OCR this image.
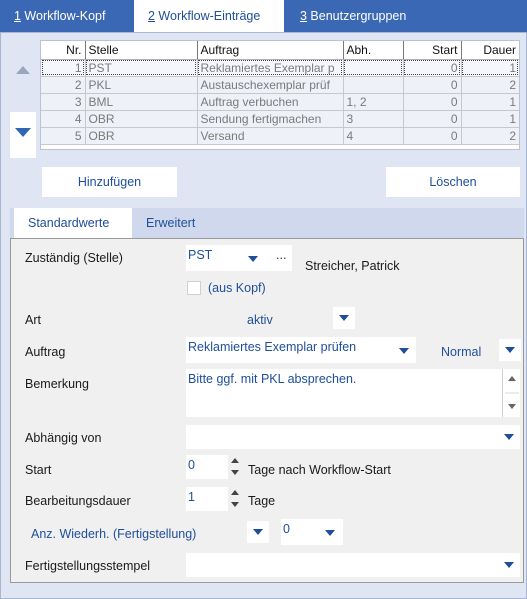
1 Workflow-Kopf	2 Workflow-Einträge	3 Benutzergruppen
Nr.	Stelle	Auftrag	Abh.	Start	Dauer
1	PST	Reklamiertes Exemplar p		0	1
2	PKL	Austauschexemplar prüf		0	2
3	BML	Auftrag verbuchen	1, 2	0	1
4	OBR	Sendung fertigmachen	3	0	1
5	OBR	Versand	4	0	2
Hinzufügen	Löschen
Standardwerte	Erweitert
Zuständig (Stelle)	PST	...
Streicher, Patrick
(aus Kopf)
Art	aktiv
Auftrag	Reklamiertes Exemplar prüfen	Normal
Bemerkung	Bitte ggf. mit PKL absprechen.
Abhängig von
Start	0	Tage nach Workflow-Start
Bearbeitungsdauer	1	Tage
Anz. Wiederh. (Fertigstellung)	0
Fertigstellungsstempel
